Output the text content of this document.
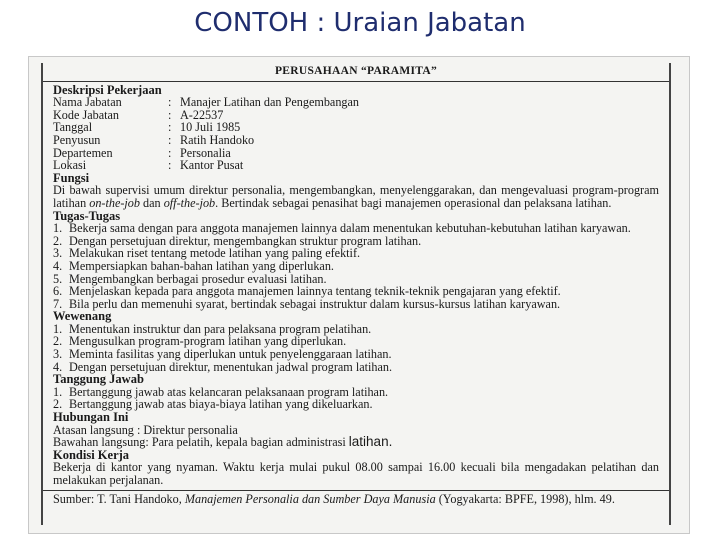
CONTOH : Uraian Jabatan
PERUSAHAAN “PARAMITA”
Deskripsi Pekerjaan
Nama Jabatan	: Manajer Latihan dan Pengembangan
Kode Jabatan	: A-22537
Tanggal	: 10 Juli 1985
Penyusun	: Ratih Handoko
Departemen	: Personalia
Lokasi	: Kantor Pusat
Fungsi
Di bawah supervisi umum direktur personalia, mengembangkan, menyelenggarakan, dan mengevaluasi program-program latihan on-the-job dan off-the-job. Bertindak sebagai penasihat bagi manajemen operasional dan pelaksana latihan.
Tugas-Tugas
1. Bekerja sama dengan para anggota manajemen lainnya dalam menentukan kebutuhan-kebutuhan latihan karyawan.
2. Dengan persetujuan direktur, mengembangkan struktur program latihan.
3. Melakukan riset tentang metode latihan yang paling efektif.
4. Mempersiapkan bahan-bahan latihan yang diperlukan.
5. Mengembangkan berbagai prosedur evaluasi latihan.
6. Menjelaskan kepada para anggota manajemen lainnya tentang teknik-teknik pengajaran yang efektif.
7. Bila perlu dan memenuhi syarat, bertindak sebagai instruktur dalam kursus-kursus latihan karyawan.
Wewenang
1. Menentukan instruktur dan para pelaksana program pelatihan.
2. Mengusulkan program-program latihan yang diperlukan.
3. Meminta fasilitas yang diperlukan untuk penyelenggaraan latihan.
4. Dengan persetujuan direktur, menentukan jadwal program latihan.
Tanggung Jawab
1. Bertanggung jawab atas kelancaran pelaksanaan program latihan.
2. Bertanggung jawab atas biaya-biaya latihan yang dikeluarkan.
Hubungan Ini
Atasan langsung : Direktur personalia
Bawahan langsung: Para pelatih, kepala bagian administrasi latihan.
Kondisi Kerja
Bekerja di kantor yang nyaman. Waktu kerja mulai pukul 08.00 sampai 16.00 kecuali bila mengadakan pelatihan dan melakukan perjalanan.
Sumber: T. Tani Handoko, Manajemen Personalia dan Sumber Daya Manusia (Yogyakarta: BPFE, 1998), hlm. 49.
